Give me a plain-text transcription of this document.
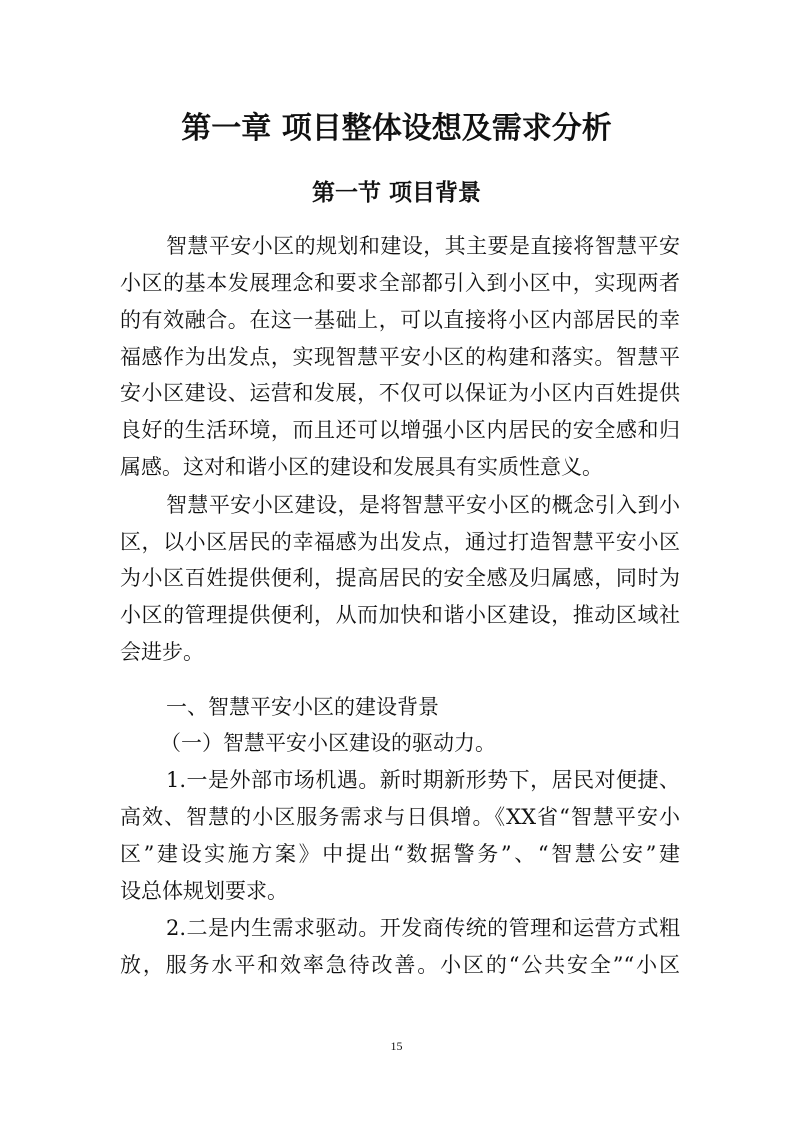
第一章 项目整体设想及需求分析
第一节 项目背景
智慧平安小区的规划和建设，其主要是直接将智慧平安
小区的基本发展理念和要求全部都引入到小区中，实现两者
的有效融合。在这一基础上，可以直接将小区内部居民的幸
福感作为出发点，实现智慧平安小区的构建和落实。智慧平
安小区建设、运营和发展，不仅可以保证为小区内百姓提供
良好的生活环境，而且还可以增强小区内居民的安全感和归
属感。这对和谐小区的建设和发展具有实质性意义。
智慧平安小区建设，是将智慧平安小区的概念引入到小
区，以小区居民的幸福感为出发点，通过打造智慧平安小区
为小区百姓提供便利，提高居民的安全感及归属感，同时为
小区的管理提供便利，从而加快和谐小区建设，推动区域社
会进步。
一、智慧平安小区的建设背景
（一）智慧平安小区建设的驱动力。
1.一是外部市场机遇。新时期新形势下，居民对便捷、
高效、智慧的小区服务需求与日俱增。《XX省“智慧平安小
区”建设实施方案》中提出“数据警务”、“智慧公安”建
设总体规划要求。
2.二是内生需求驱动。开发商传统的管理和运营方式粗
放，服务水平和效率急待改善。小区的“公共安全”“小区
15
